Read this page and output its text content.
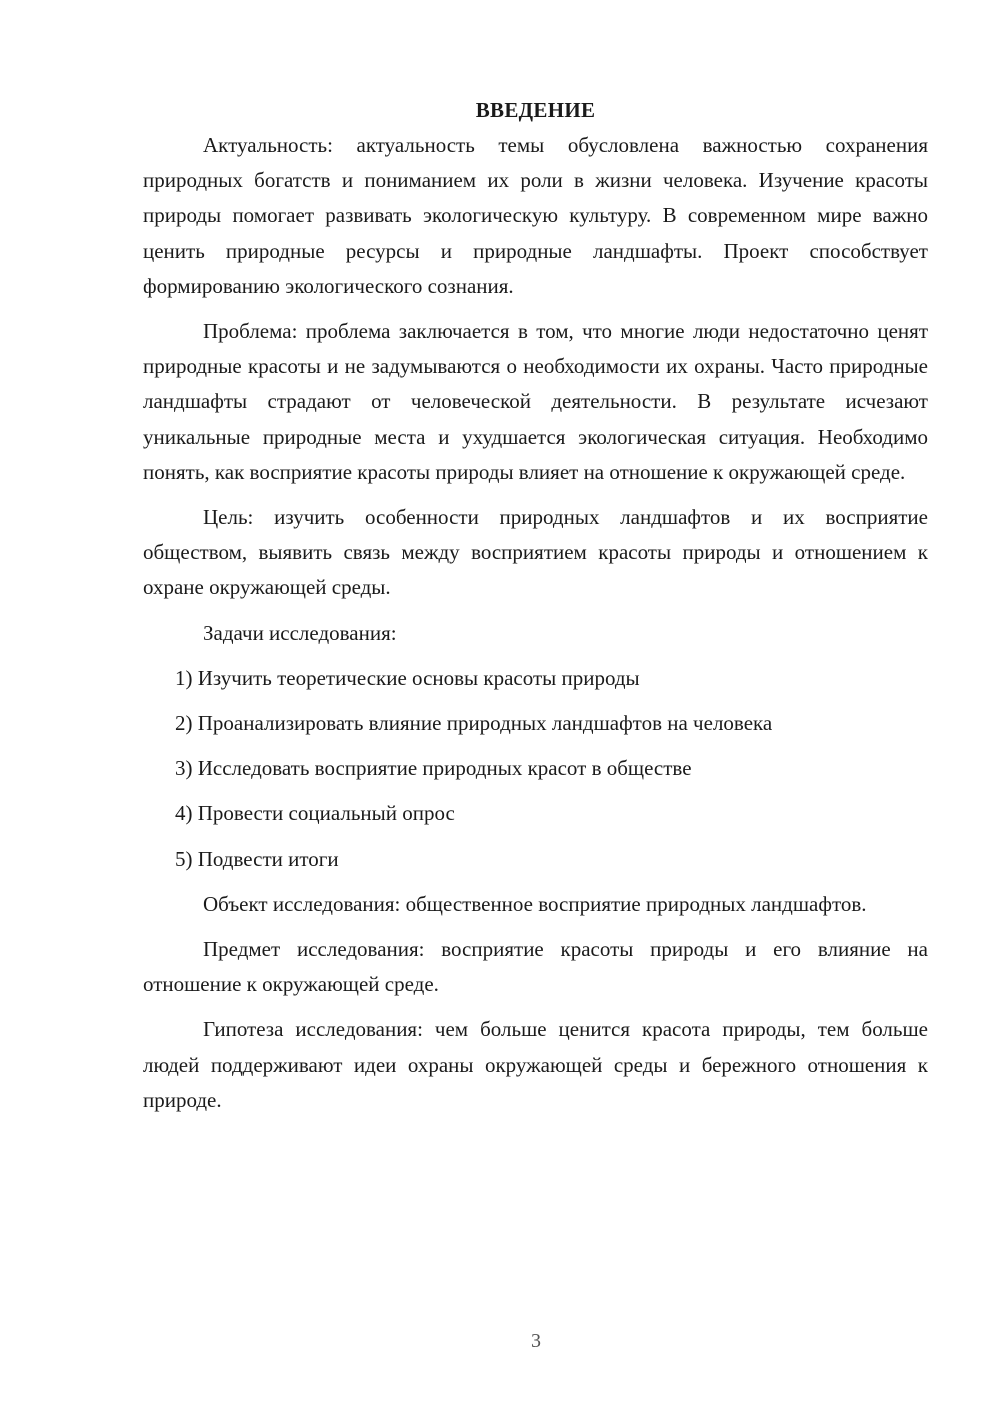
ВВЕДЕНИЕ

Актуальность: актуальность темы обусловлена важностью сохранения природных богатств и пониманием их роли в жизни человека. Изучение красоты природы помогает развивать экологическую культуру. В современном мире важно ценить природные ресурсы и природные ландшафты. Проект способствует формированию экологического сознания.

Проблема: проблема заключается в том, что многие люди недостаточно ценят природные красоты и не задумываются о необходимости их охраны. Часто природные ландшафты страдают от человеческой деятельности. В результате исчезают уникальные природные места и ухудшается экологическая ситуация. Необходимо понять, как восприятие красоты природы влияет на отношение к окружающей среде.

Цель: изучить особенности природных ландшафтов и их восприятие обществом, выявить связь между восприятием красоты природы и отношением к охране окружающей среды.

Задачи исследования:

1) Изучить теоретические основы красоты природы
2) Проанализировать влияние природных ландшафтов на человека
3) Исследовать восприятие природных красот в обществе
4) Провести социальный опрос
5) Подвести итоги

Объект исследования: общественное восприятие природных ландшафтов.

Предмет исследования: восприятие красоты природы и его влияние на отношение к окружающей среде.

Гипотеза исследования: чем больше ценится красота природы, тем больше людей поддерживают идеи охраны окружающей среды и бережного отношения к природе.

3
